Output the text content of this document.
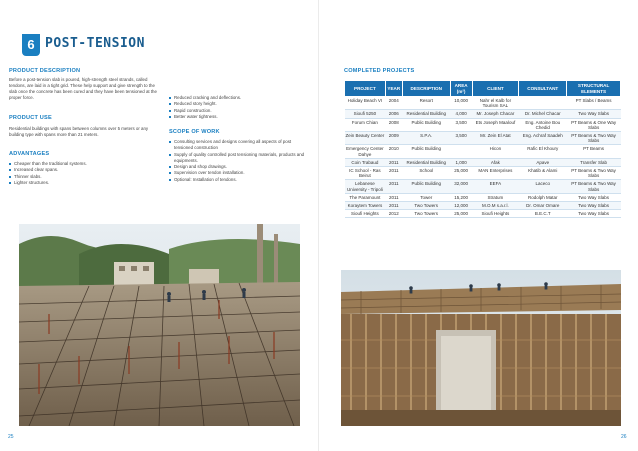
6 POST-TENSION
PRODUCT DESCRIPTION
Before a post-tension slab is poured, high-strength steel strands, called tendons, are laid in a tight grid. These help support and give strength to the slab once the concrete has been cured and they have been tensioned at the proper force.
PRODUCT USE
Residential buildings with spans between columns over 5 meters or any building type with spans more than 21 meters.
ADVANTAGES
Cheaper than the traditional systems.
Increased clear spans.
Thinner slabs.
Lighter structures.
Reduced cracking and deflections.
Reduced story height.
Rapid construction.
Better water tightness.
SCOPE OF WORK
Consulting services and designs covering all aspects of post tensioned construction
Supply of quality controlled post tensioning materials, products and equipments.
Design and shop drawings.
Supervision over tendon installation.
Optional: Installation of tendons.
25
COMPLETED PROJECTS
26
PROJECT	YEAR	DESCRIPTION	AREA (m²)	CLIENT	CONSULTANT	STRUCTURAL ELEMENTS
Holiday Beach VI	2004	Resort	10,000	Nahr el Kalb for Tourism SAL		PT Slabs / Beams
Sioufi 5250	2006	Residential Building	4,000	Mr. Joseph Chacar	Dr. Michel Chacar	Two Way Slabs
Forum Chian	2008	Public Building	3,500	Ets Joseph Maalouf	Eng. Antoine Bou Chedid	PT Beams & One Way Slabs
Zein Beauty Center	2009	S.P.A.	3,500	Mr. Zein El Atat	Eng. Achraf Saadeh	PT Beams & Two Way Slabs
Emergency Center Dahye	2010	Public Building		Hicon	Rafic El Khoury	PT Beams
Coin Trabaud	2011	Residential Building	1,000	Afak	Apave	Transfer Slab
IC School - Ras Beirut	2011	School	25,000	MAN Enterprises	Khatib & Alami	PT Beams & Two Way Slabs
Lebanese University - Tripoli	2011	Public Building	32,000	EEFA	Laceco	PT Beams & Two Way Slabs
The Paramount	2011	Tower	15,200	Stratum	Rodolph Matar	Two Way Slabs
Koraytem Towers	2011	Two Towers	12,000	M.O.M s.a.r.l.	Dr. Omar Omare	Two Way Slabs
Sioufi Heights	2012	Two Towers	25,000	Sioufi Heights	B.E.C.T	Two Way Slabs
